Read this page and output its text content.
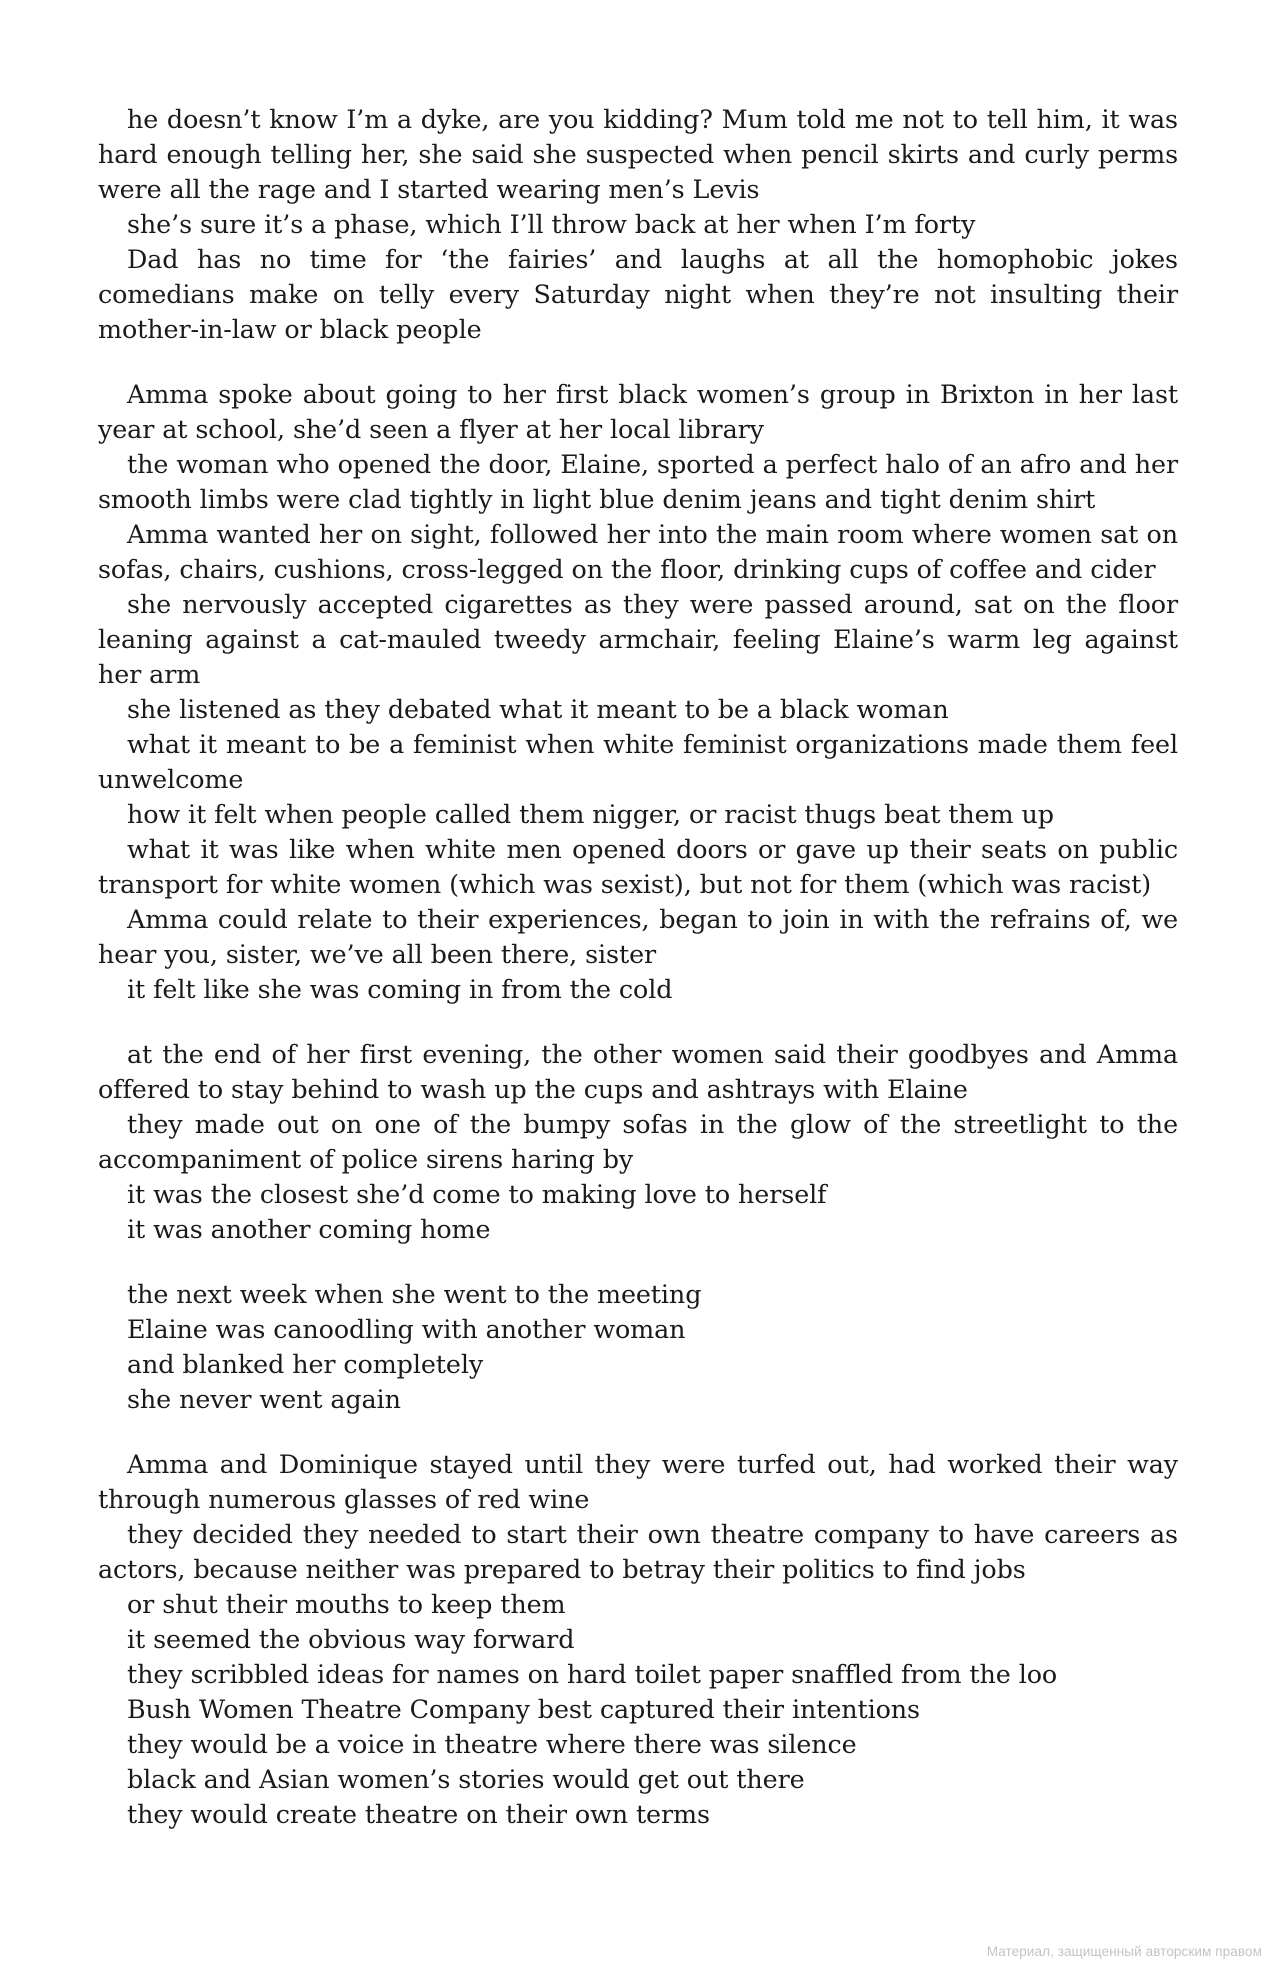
he doesn’t know I’m a dyke, are you kidding? Mum told me not to tell him, it was hard enough telling her, she said she suspected when pencil skirts and curly perms were all the rage and I started wearing men’s Levis

she’s sure it’s a phase, which I’ll throw back at her when I’m forty

Dad has no time for ‘the fairies’ and laughs at all the homophobic jokes comedians make on telly every Saturday night when they’re not insulting their mother-in-law or black people

Amma spoke about going to her first black women’s group in Brixton in her last year at school, she’d seen a flyer at her local library

the woman who opened the door, Elaine, sported a perfect halo of an afro and her smooth limbs were clad tightly in light blue denim jeans and tight denim shirt

Amma wanted her on sight, followed her into the main room where women sat on sofas, chairs, cushions, cross-legged on the floor, drinking cups of coffee and cider

she nervously accepted cigarettes as they were passed around, sat on the floor leaning against a cat-mauled tweedy armchair, feeling Elaine’s warm leg against her arm

she listened as they debated what it meant to be a black woman

what it meant to be a feminist when white feminist organizations made them feel unwelcome

how it felt when people called them nigger, or racist thugs beat them up

what it was like when white men opened doors or gave up their seats on public transport for white women (which was sexist), but not for them (which was racist)

Amma could relate to their experiences, began to join in with the refrains of, we hear you, sister, we’ve all been there, sister

it felt like she was coming in from the cold

at the end of her first evening, the other women said their goodbyes and Amma offered to stay behind to wash up the cups and ashtrays with Elaine

they made out on one of the bumpy sofas in the glow of the streetlight to the accompaniment of police sirens haring by

it was the closest she’d come to making love to herself

it was another coming home

the next week when she went to the meeting

Elaine was canoodling with another woman

and blanked her completely

she never went again

Amma and Dominique stayed until they were turfed out, had worked their way through numerous glasses of red wine

they decided they needed to start their own theatre company to have careers as actors, because neither was prepared to betray their politics to find jobs

or shut their mouths to keep them

it seemed the obvious way forward

they scribbled ideas for names on hard toilet paper snaffled from the loo

Bush Women Theatre Company best captured their intentions

they would be a voice in theatre where there was silence

black and Asian women’s stories would get out there

they would create theatre on their own terms

Материал, защищенный авторским правом
